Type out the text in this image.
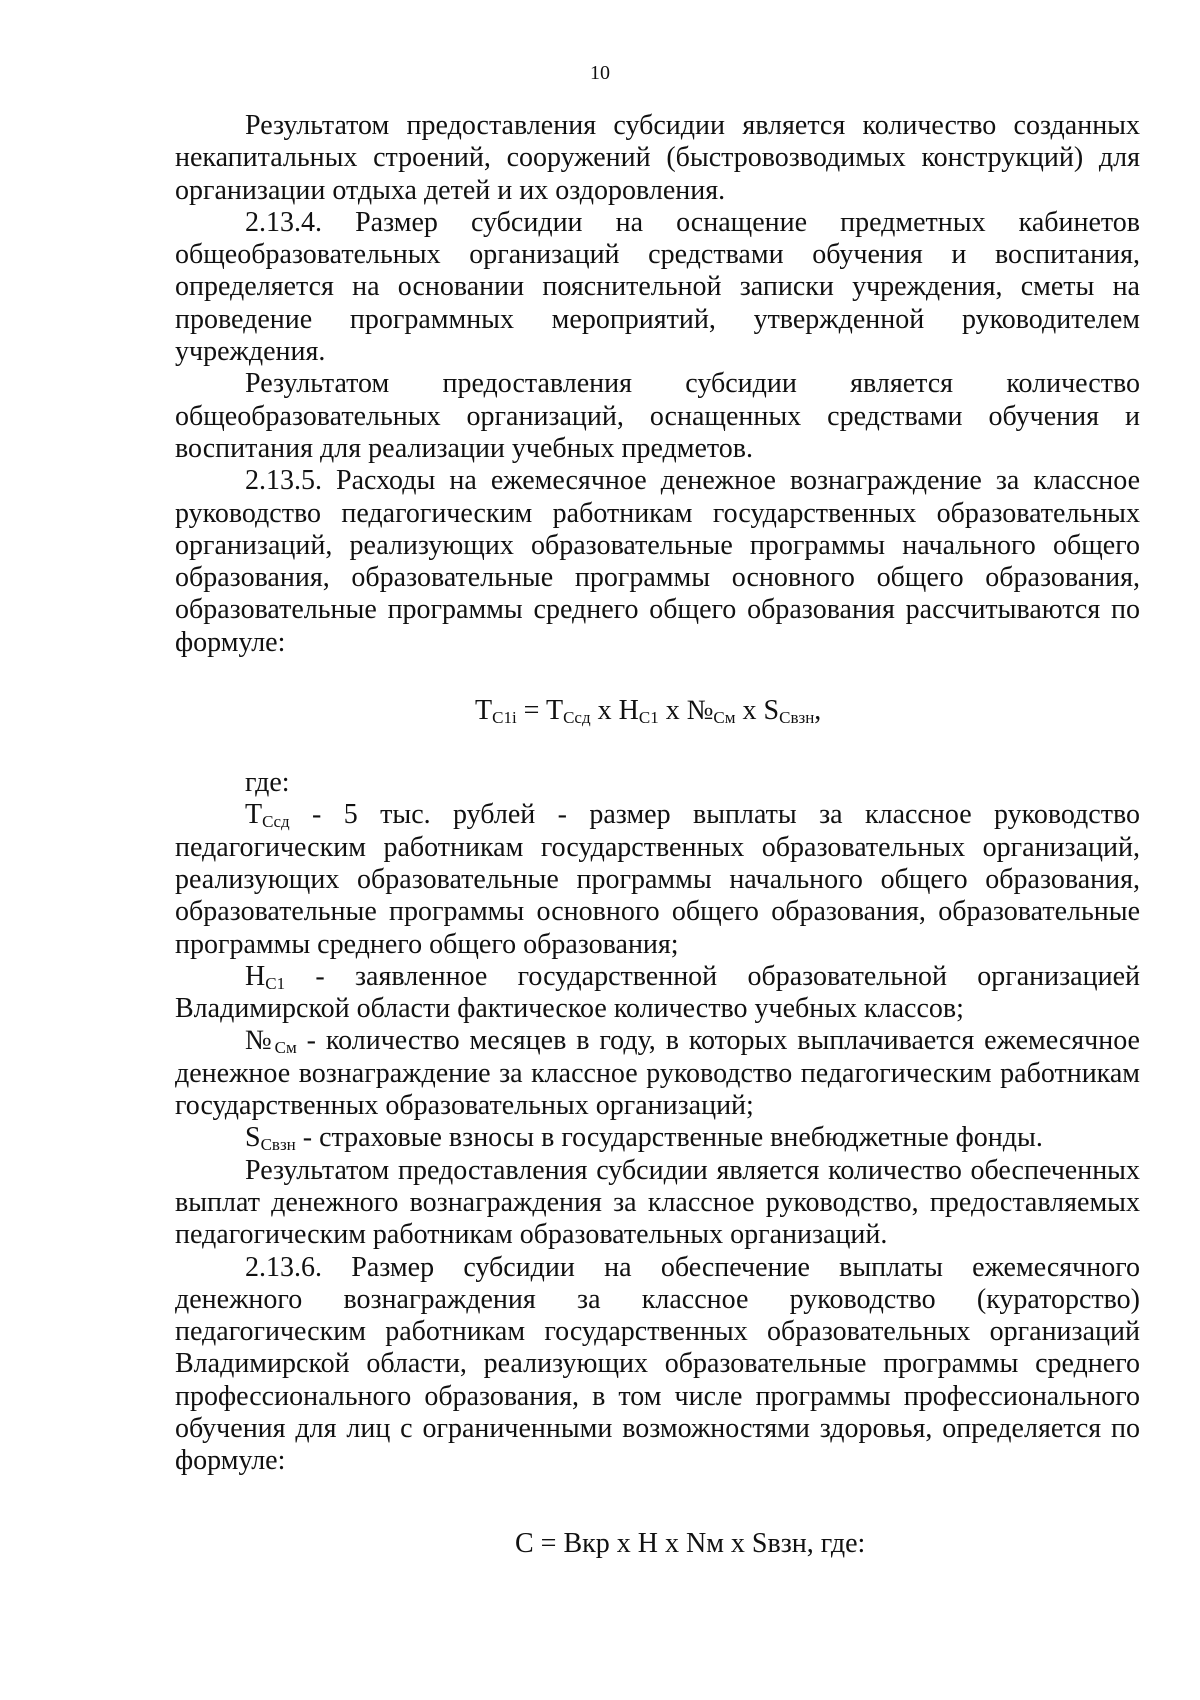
10

Результатом предоставления субсидии является количество созданных некапитальных строений, сооружений (быстровозводимых конструкций) для организации отдыха детей и их оздоровления.

2.13.4. Размер субсидии на оснащение предметных кабинетов общеобразовательных организаций средствами обучения и воспитания, определяется на основании пояснительной записки учреждения, сметы на проведение программных мероприятий, утвержденной руководителем учреждения.

Результатом предоставления субсидии является количество общеобразовательных организаций, оснащенных средствами обучения и воспитания для реализации учебных предметов.

2.13.5. Расходы на ежемесячное денежное вознаграждение за классное руководство педагогическим работникам государственных образовательных организаций, реализующих образовательные программы начального общего образования, образовательные программы основного общего образования, образовательные программы среднего общего образования рассчитываются по формуле:

$T_{C1i} = T_{Cсд}$ x $H_{C1}$ x $№_{См}$ x $S_{Свзн}$,

где:

$T_{Cсд} - 5$ тыс. рублей - размер выплаты за классное руководство педагогическим работникам государственных образовательных организаций, реализующих образовательные программы начального общего образования, образовательные программы основного общего образования, образовательные программы среднего общего образования;

$H_{C1}$ - заявленное государственной образовательной организацией Владимирской области фактическое количество учебных классов;

$№_{См}$ - количество месяцев в году, в которых выплачивается ежемесячное денежное вознаграждение за классное руководство педагогическим работникам государственных образовательных организаций;

$S_{Свзн}$ - страховые взносы в государственные внебюджетные фонды.

Результатом предоставления субсидии является количество обеспеченных выплат денежного вознаграждения за классное руководство, предоставляемых педагогическим работникам образовательных организаций.

2.13.6. Размер субсидии на обеспечение выплаты ежемесячного денежного вознаграждения за классное руководство (кураторство) педагогическим работникам государственных образовательных организаций Владимирской области, реализующих образовательные программы среднего профессионального образования, в том числе программы профессионального обучения для лиц с ограниченными возможностями здоровья, определяется по формуле:

C = Вкр x H x Nм x Sвзн, где:
